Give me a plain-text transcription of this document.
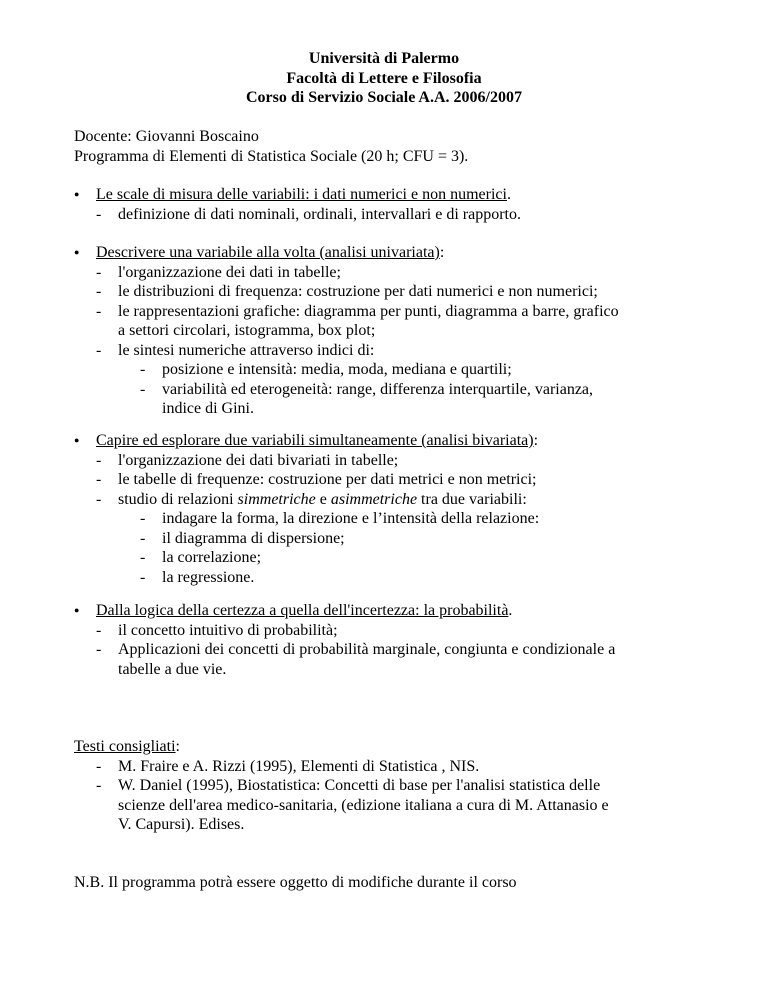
Università di Palermo
Facoltà di Lettere e Filosofia
Corso di Servizio Sociale A.A. 2006/2007
Docente: Giovanni Boscaino
Programma di Elementi di Statistica Sociale (20 h; CFU = 3).
●	Le scale di misura delle variabili: i dati numerici e non numerici.
- definizione di dati nominali, ordinali, intervallari e di rapporto.
●	Descrivere una variabile alla volta (analisi univariata):
- l'organizzazione dei dati in tabelle;
- le distribuzioni di frequenza: costruzione per dati numerici e non numerici;
- le rappresentazioni grafiche: diagramma per punti, diagramma a barre, grafico
a settori circolari, istogramma, box plot;
- le sintesi numeriche attraverso indici di:
- posizione e intensità: media, moda, mediana e quartili;
- variabilità ed eterogeneità: range, differenza interquartile, varianza,
indice di Gini.
●	Capire ed esplorare due variabili simultaneamente (analisi bivariata):
- l'organizzazione dei dati bivariati in tabelle;
- le tabelle di frequenze: costruzione per dati metrici e non metrici;
- studio di relazioni simmetriche e asimmetriche tra due variabili:
- indagare la forma, la direzione e l’intensità della relazione:
- il diagramma di dispersione;
- la correlazione;
- la regressione.
●	Dalla logica della certezza a quella dell'incertezza: la probabilità.
- il concetto intuitivo di probabilità;
- Applicazioni dei concetti di probabilità marginale, congiunta e condizionale a
tabelle a due vie.
Testi consigliati:
- M. Fraire e A. Rizzi (1995), Elementi di Statistica , NIS.
- W. Daniel (1995), Biostatistica: Concetti di base per l'analisi statistica delle
scienze dell'area medico-sanitaria, (edizione italiana a cura di M. Attanasio e
V. Capursi). Edises.
N.B. Il programma potrà essere oggetto di modifiche durante il corso
